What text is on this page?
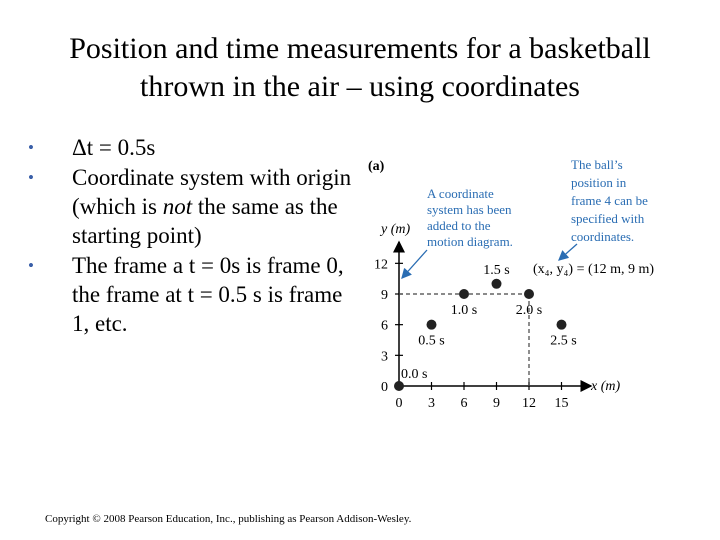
Position and time measurements for a basketball
thrown in the air – using coordinates
• Δt = 0.5s
• Coordinate system with origin (which is not the same as the starting point)
• The frame a t = 0s is frame 0, the frame at t = 0.5 s is frame 1, etc.
(a)
y (m)
x (m)
0 3 6 9 12 15
0
3
6
9
12
0.0 s
0.5 s
1.0 s
1.5 s
2.0 s
2.5 s
A coordinate
system has been
added to the
motion diagram.
The ball’s
position in
frame 4 can be
specified with
coordinates.
(x₄, y₄) = (12 m, 9 m)
Copyright © 2008 Pearson Education, Inc., publishing as Pearson Addison-Wesley.
